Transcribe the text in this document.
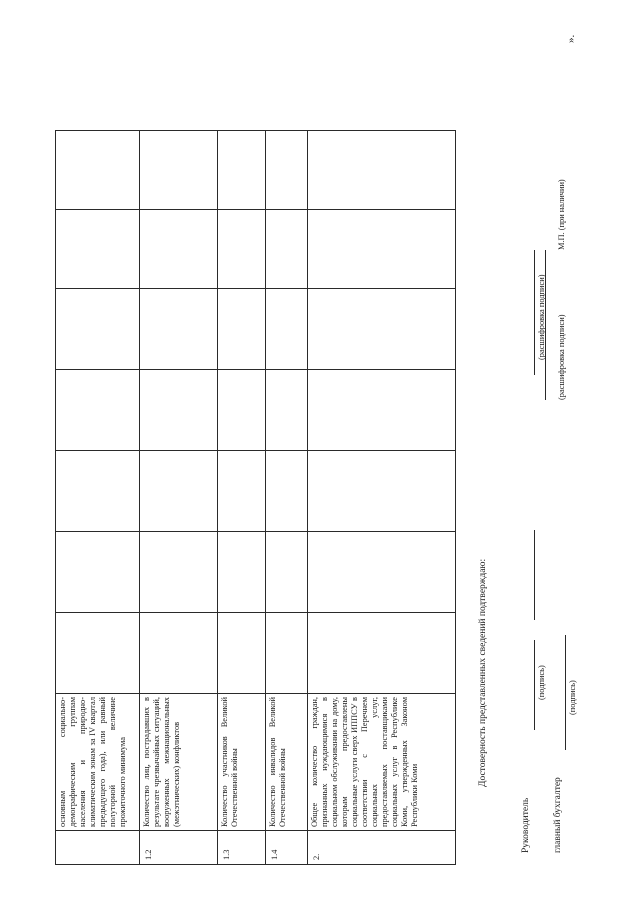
	основным социально-демографическим группам населения и природно-климатическим зонам за IV квартал предыдущего года), или равный полуторной величине прожиточного минимума							

1.2	Количество лиц, пострадавших в результате чрезвычайных ситуаций, вооруженных межнациональных (межэтнических) конфликтов							

1.3	Количество участников Великой Отечественной войны							

1.4	Количество инвалидов Великой Отечественной войны							

2.	Общее количество граждан, признанных нуждающимися в социальном обслуживании на дому, которым предоставлены социальные услуги сверх ИППСУ в соответствии с Перечнем социальных услуг, предоставляемых поставщиками социальных услуг в Республике Коми, утвержденных Законом Республики Коми							

Достоверность представленных сведений подтверждаю:
Руководитель
(подпись)
(расшифровка подписи)
главный бухгалтер
(подпись)
(расшифровка подписи)
М.П. (при наличии)
».
